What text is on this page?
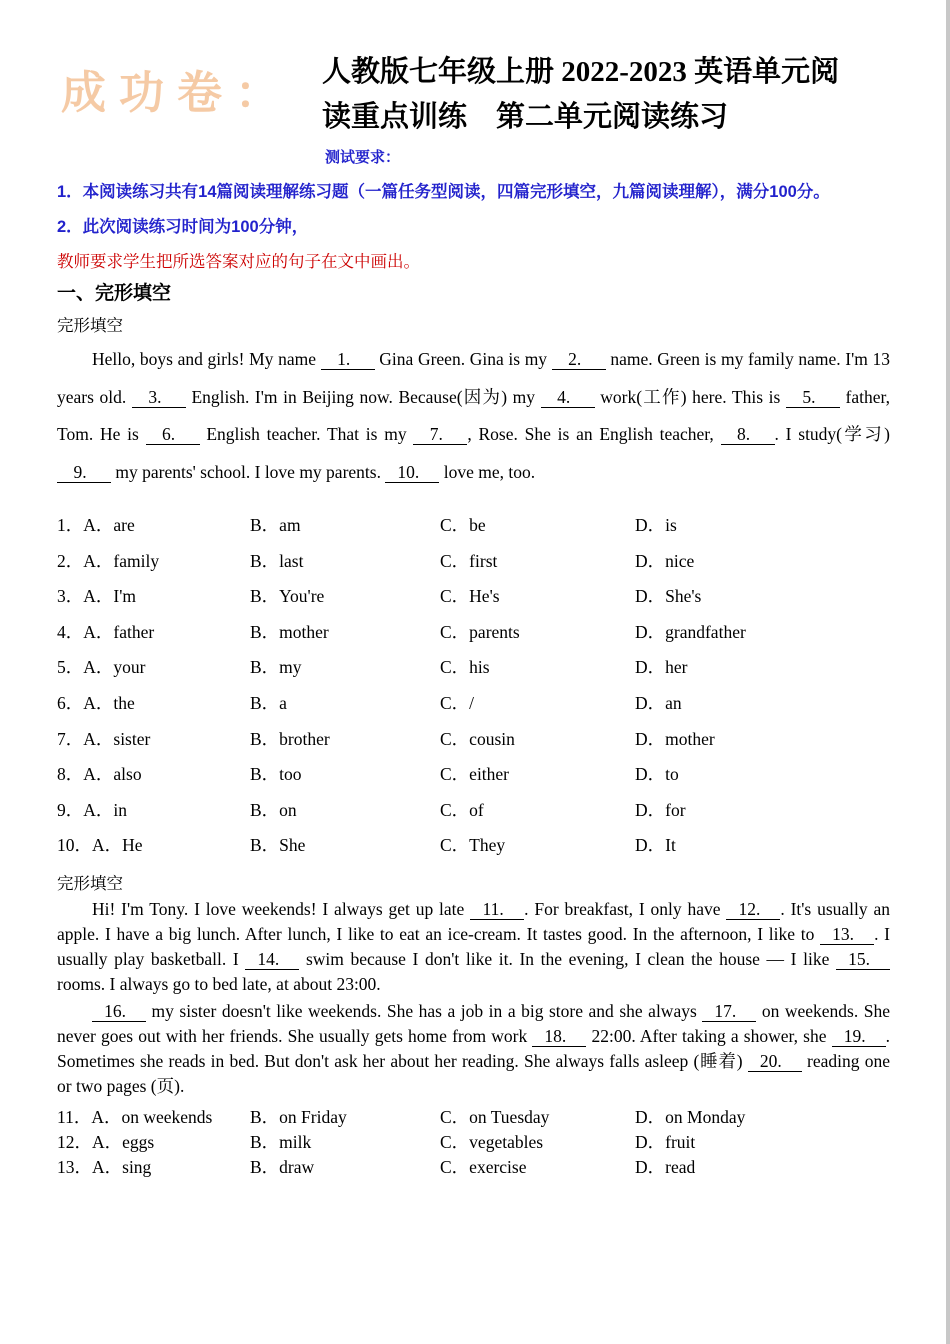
成功卷： 人教版七年级上册 2022-2023 英语单元阅
读重点训练　第二单元阅读练习
测试要求：
1．本阅读练习共有14篇阅读理解练习题（一篇任务型阅读，四篇完形填空，九篇阅读理解），满分100分。
2．此次阅读练习时间为100分钟，
教师要求学生把所选答案对应的句子在文中画出。
一、完形填空
完形填空

Hello, boys and girls! My name 1. Gina Green. Gina is my 2. name. Green is my family name. I'm 13 years old. 3. English. I'm in Beijing now. Because(因为) my 4. work(工作) here. This is 5. father, Tom. He is 6. English teacher. That is my 7. , Rose. She is an English teacher, 8. . I study(学习) 9. my parents' school. I love my parents. 10. love me, too.

1．A．are	B．am	C．be	D．is
2．A．family	B．last	C．first	D．nice
3．A．I'm	B．You're	C．He's	D．She's
4．A．father	B．mother	C．parents	D．grandfather
5．A．your	B．my	C．his	D．her
6．A．the	B．a	C．/	D．an
7．A．sister	B．brother	C．cousin	D．mother
8．A．also	B．too	C．either	D．to
9．A．in	B．on	C．of	D．for
10．A．He	B．She	C．They	D．It
完形填空

Hi! I'm Tony. I love weekends! I always get up late 11. . For breakfast, I only have 12. . It's usually an apple. I have a big lunch. After lunch, I like to eat an ice-cream. It tastes good. In the afternoon, I like to 13. . I usually play basketball. I 14. swim because I don't like it. In the evening, I clean the house — I like 15. rooms. I always go to bed late, at about 23:00.

16. my sister doesn't like weekends. She has a job in a big store and she always 17. on weekends. She never goes out with her friends. She usually gets home from work 18. 22:00. After taking a shower, she 19. . Sometimes she reads in bed. But don't ask her about her reading. She always falls asleep (睡着) 20. reading one or two pages (页).

11．A．on weekends	B．on Friday	C．on Tuesday	D．on Monday
12．A．eggs	B．milk	C．vegetables	D．fruit
13．A．sing	B．draw	C．exercise	D．read
